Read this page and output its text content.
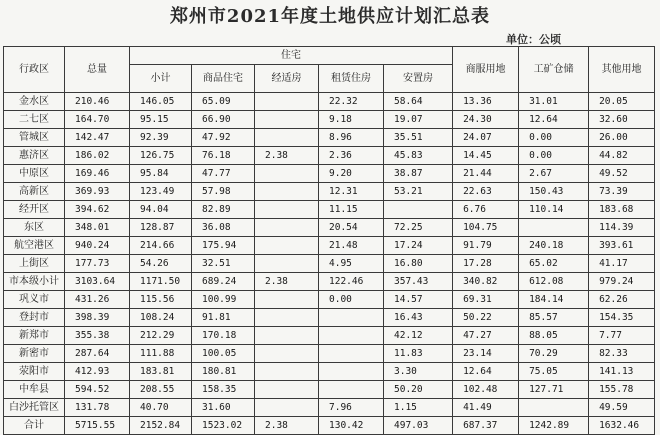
郑州市2021年度土地供应计划汇总表
单位：公顷
行政区	总量	住宅					商服用地	工矿仓储	其他用地
		小计	商品住宅	经适房	租赁住房	安置房			
金水区	210.46	146.05	65.09		22.32	58.64	13.36	31.01	20.05
二七区	164.70	95.15	66.90		9.18	19.07	24.30	12.64	32.60
管城区	142.47	92.39	47.92		8.96	35.51	24.07	0.00	26.00
惠济区	186.02	126.75	76.18	2.38	2.36	45.83	14.45	0.00	44.82
中原区	169.46	95.84	47.77		9.20	38.87	21.44	2.67	49.52
高新区	369.93	123.49	57.98		12.31	53.21	22.63	150.43	73.39
经开区	394.62	94.04	82.89		11.15		6.76	110.14	183.68
东区	348.01	128.87	36.08		20.54	72.25	104.75		114.39
航空港区	940.24	214.66	175.94		21.48	17.24	91.79	240.18	393.61
上街区	177.73	54.26	32.51		4.95	16.80	17.28	65.02	41.17
市本级小计	3103.64	1171.50	689.24	2.38	122.46	357.43	340.82	612.08	979.24
巩义市	431.26	115.56	100.99		0.00	14.57	69.31	184.14	62.26
登封市	398.39	108.24	91.81			16.43	50.22	85.57	154.35
新郑市	355.38	212.29	170.18			42.12	47.27	88.05	7.77
新密市	287.64	111.88	100.05			11.83	23.14	70.29	82.33
荥阳市	412.93	183.81	180.81			3.30	12.64	75.05	141.13
中牟县	594.52	208.55	158.35			50.20	102.48	127.71	155.78
白沙托管区	131.78	40.70	31.60		7.96	1.15	41.49		49.59
合计	5715.55	2152.84	1523.02	2.38	130.42	497.03	687.37	1242.89	1632.46
